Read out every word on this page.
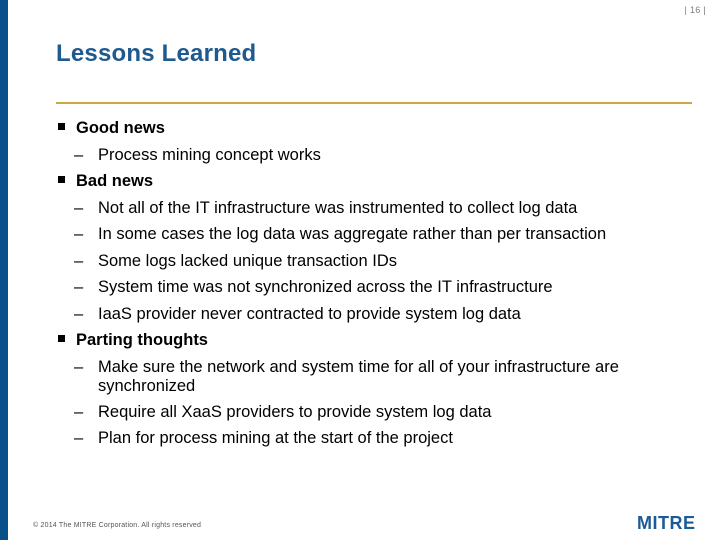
| 16 |
Lessons Learned
Good news
– Process mining concept works
Bad news
– Not all of the IT infrastructure was instrumented to collect log data
– In some cases the log data was aggregate rather than per transaction
– Some logs lacked unique transaction IDs
– System time was not synchronized across the IT infrastructure
– IaaS provider never contracted to provide system log data
Parting thoughts
– Make sure the network and system time for all of your infrastructure are synchronized
– Require all XaaS providers to provide system log data
– Plan for process mining at the start of the project
© 2014 The MITRE Corporation. All rights reserved	MITRE
